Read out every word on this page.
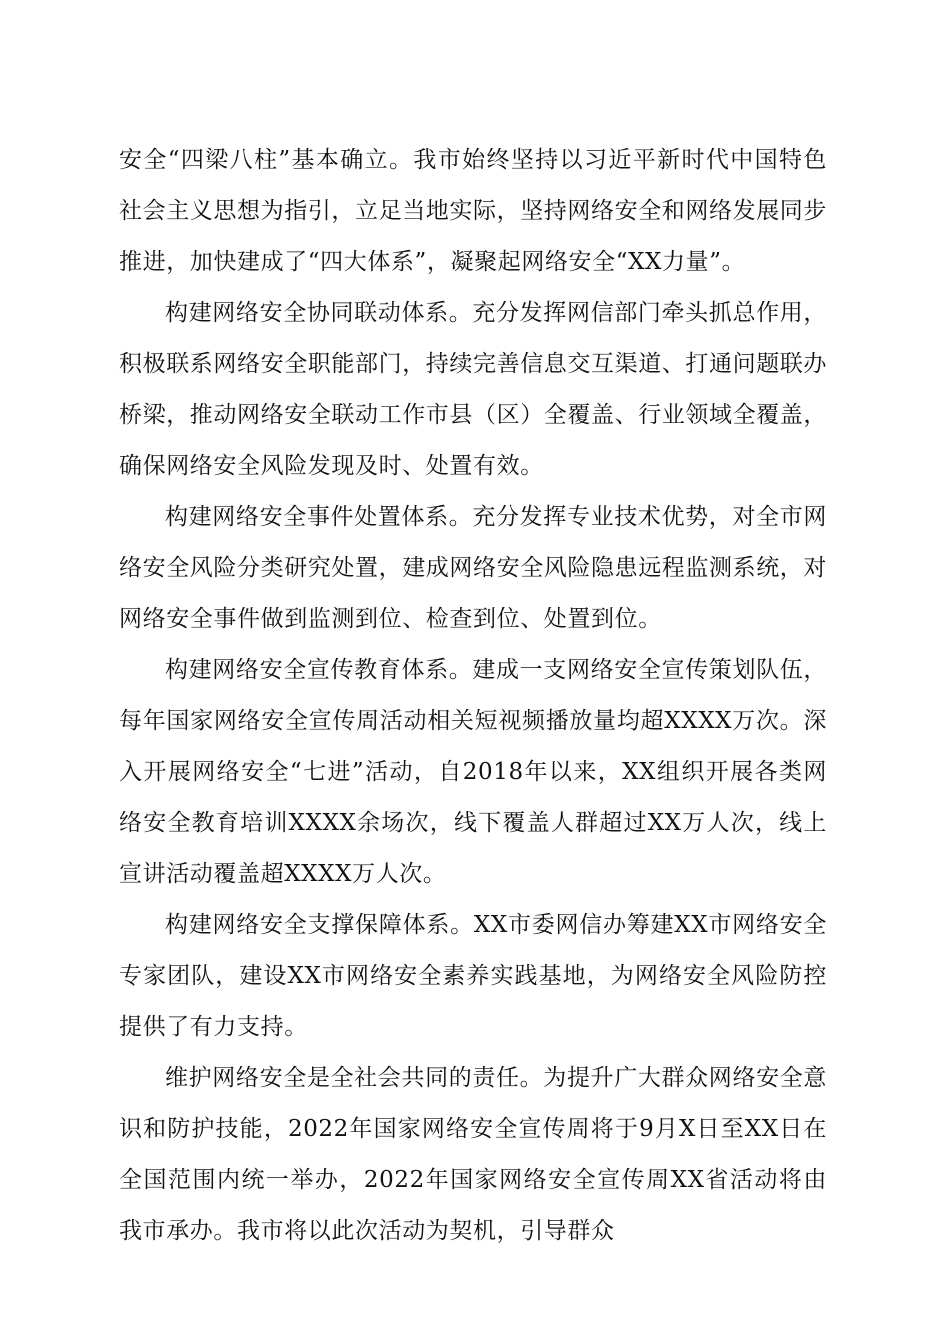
安全“四梁八柱”基本确立。我市始终坚持以习近平新时代中国特色社会主义思想为指引，立足当地实际，坚持网络安全和网络发展同步推进，加快建成了“四大体系”，凝聚起网络安全“XX力量”。

构建网络安全协同联动体系。充分发挥网信部门牵头抓总作用，积极联系网络安全职能部门，持续完善信息交互渠道、打通问题联办桥梁，推动网络安全联动工作市县（区）全覆盖、行业领域全覆盖，确保网络安全风险发现及时、处置有效。

构建网络安全事件处置体系。充分发挥专业技术优势，对全市网络安全风险分类研究处置，建成网络安全风险隐患远程监测系统，对网络安全事件做到监测到位、检查到位、处置到位。

构建网络安全宣传教育体系。建成一支网络安全宣传策划队伍，每年国家网络安全宣传周活动相关短视频播放量均超XXXX万次。深入开展网络安全“七进”活动，自2018年以来，XX组织开展各类网络安全教育培训XXXX余场次，线下覆盖人群超过XX万人次，线上宣讲活动覆盖超XXXX万人次。

构建网络安全支撑保障体系。XX市委网信办筹建XX市网络安全专家团队，建设XX市网络安全素养实践基地，为网络安全风险防控提供了有力支持。

维护网络安全是全社会共同的责任。为提升广大群众网络安全意识和防护技能，2022年国家网络安全宣传周将于9月X日至XX日在全国范围内统一举办，2022年国家网络安全宣传周XX省活动将由我市承办。我市将以此次活动为契机，引导群众
